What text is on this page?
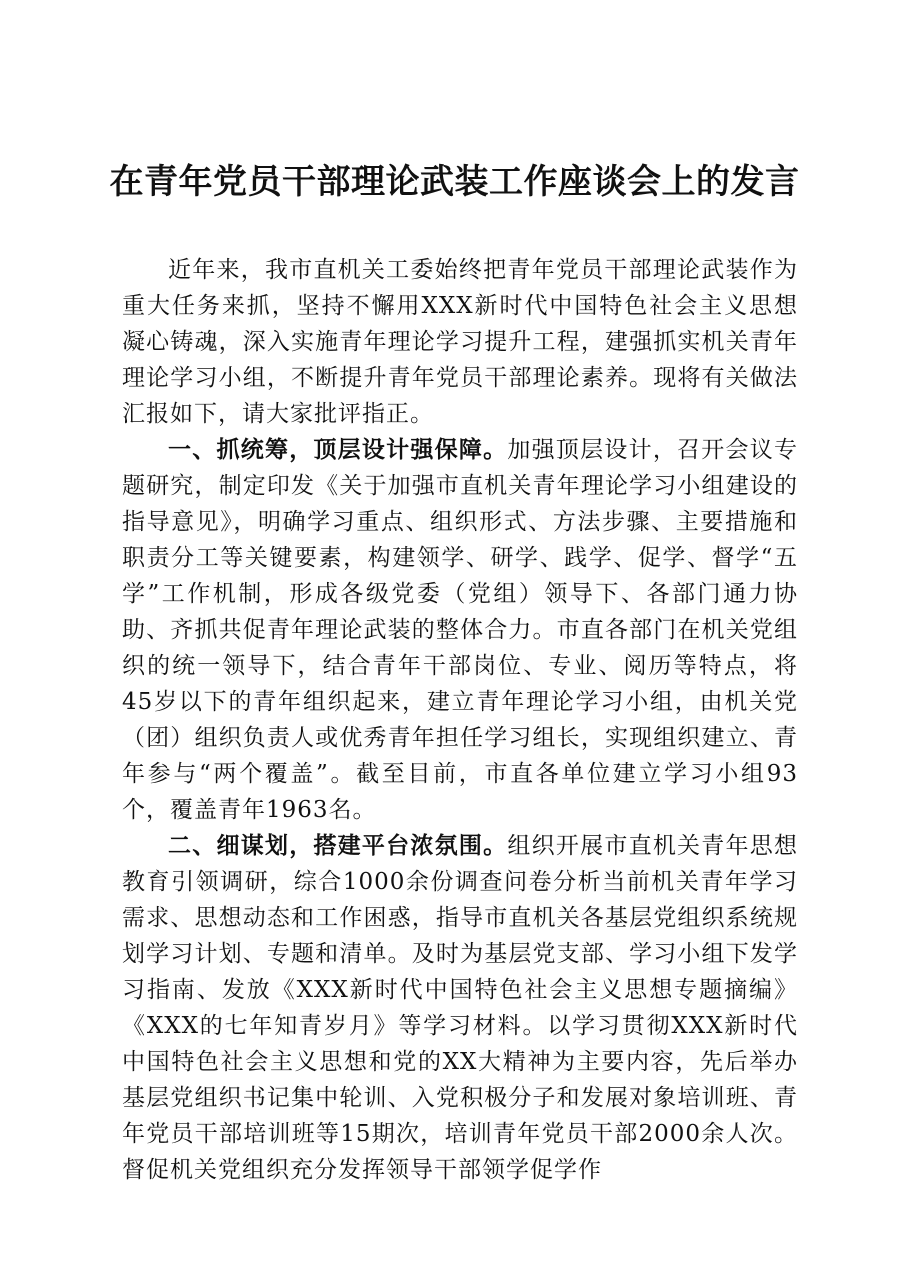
在青年党员干部理论武装工作座谈会上的发言

近年来，我市直机关工委始终把青年党员干部理论武装作为重大任务来抓，坚持不懈用XXX新时代中国特色社会主义思想凝心铸魂，深入实施青年理论学习提升工程，建强抓实机关青年理论学习小组，不断提升青年党员干部理论素养。现将有关做法汇报如下，请大家批评指正。

一、抓统筹，顶层设计强保障。加强顶层设计，召开会议专题研究，制定印发《关于加强市直机关青年理论学习小组建设的指导意见》，明确学习重点、组织形式、方法步骤、主要措施和职责分工等关键要素，构建领学、研学、践学、促学、督学“五学”工作机制，形成各级党委（党组）领导下、各部门通力协助、齐抓共促青年理论武装的整体合力。市直各部门在机关党组织的统一领导下，结合青年干部岗位、专业、阅历等特点，将45岁以下的青年组织起来，建立青年理论学习小组，由机关党（团）组织负责人或优秀青年担任学习组长，实现组织建立、青年参与“两个覆盖”。截至目前，市直各单位建立学习小组93个，覆盖青年1963名。

二、细谋划，搭建平台浓氛围。组织开展市直机关青年思想教育引领调研，综合1000余份调查问卷分析当前机关青年学习需求、思想动态和工作困惑，指导市直机关各基层党组织系统规划学习计划、专题和清单。及时为基层党支部、学习小组下发学习指南、发放《XXX新时代中国特色社会主义思想专题摘编》《XXX的七年知青岁月》等学习材料。以学习贯彻XXX新时代中国特色社会主义思想和党的XX大精神为主要内容，先后举办基层党组织书记集中轮训、入党积极分子和发展对象培训班、青年党员干部培训班等15期次，培训青年党员干部2000余人次。督促机关党组织充分发挥领导干部领学促学作
